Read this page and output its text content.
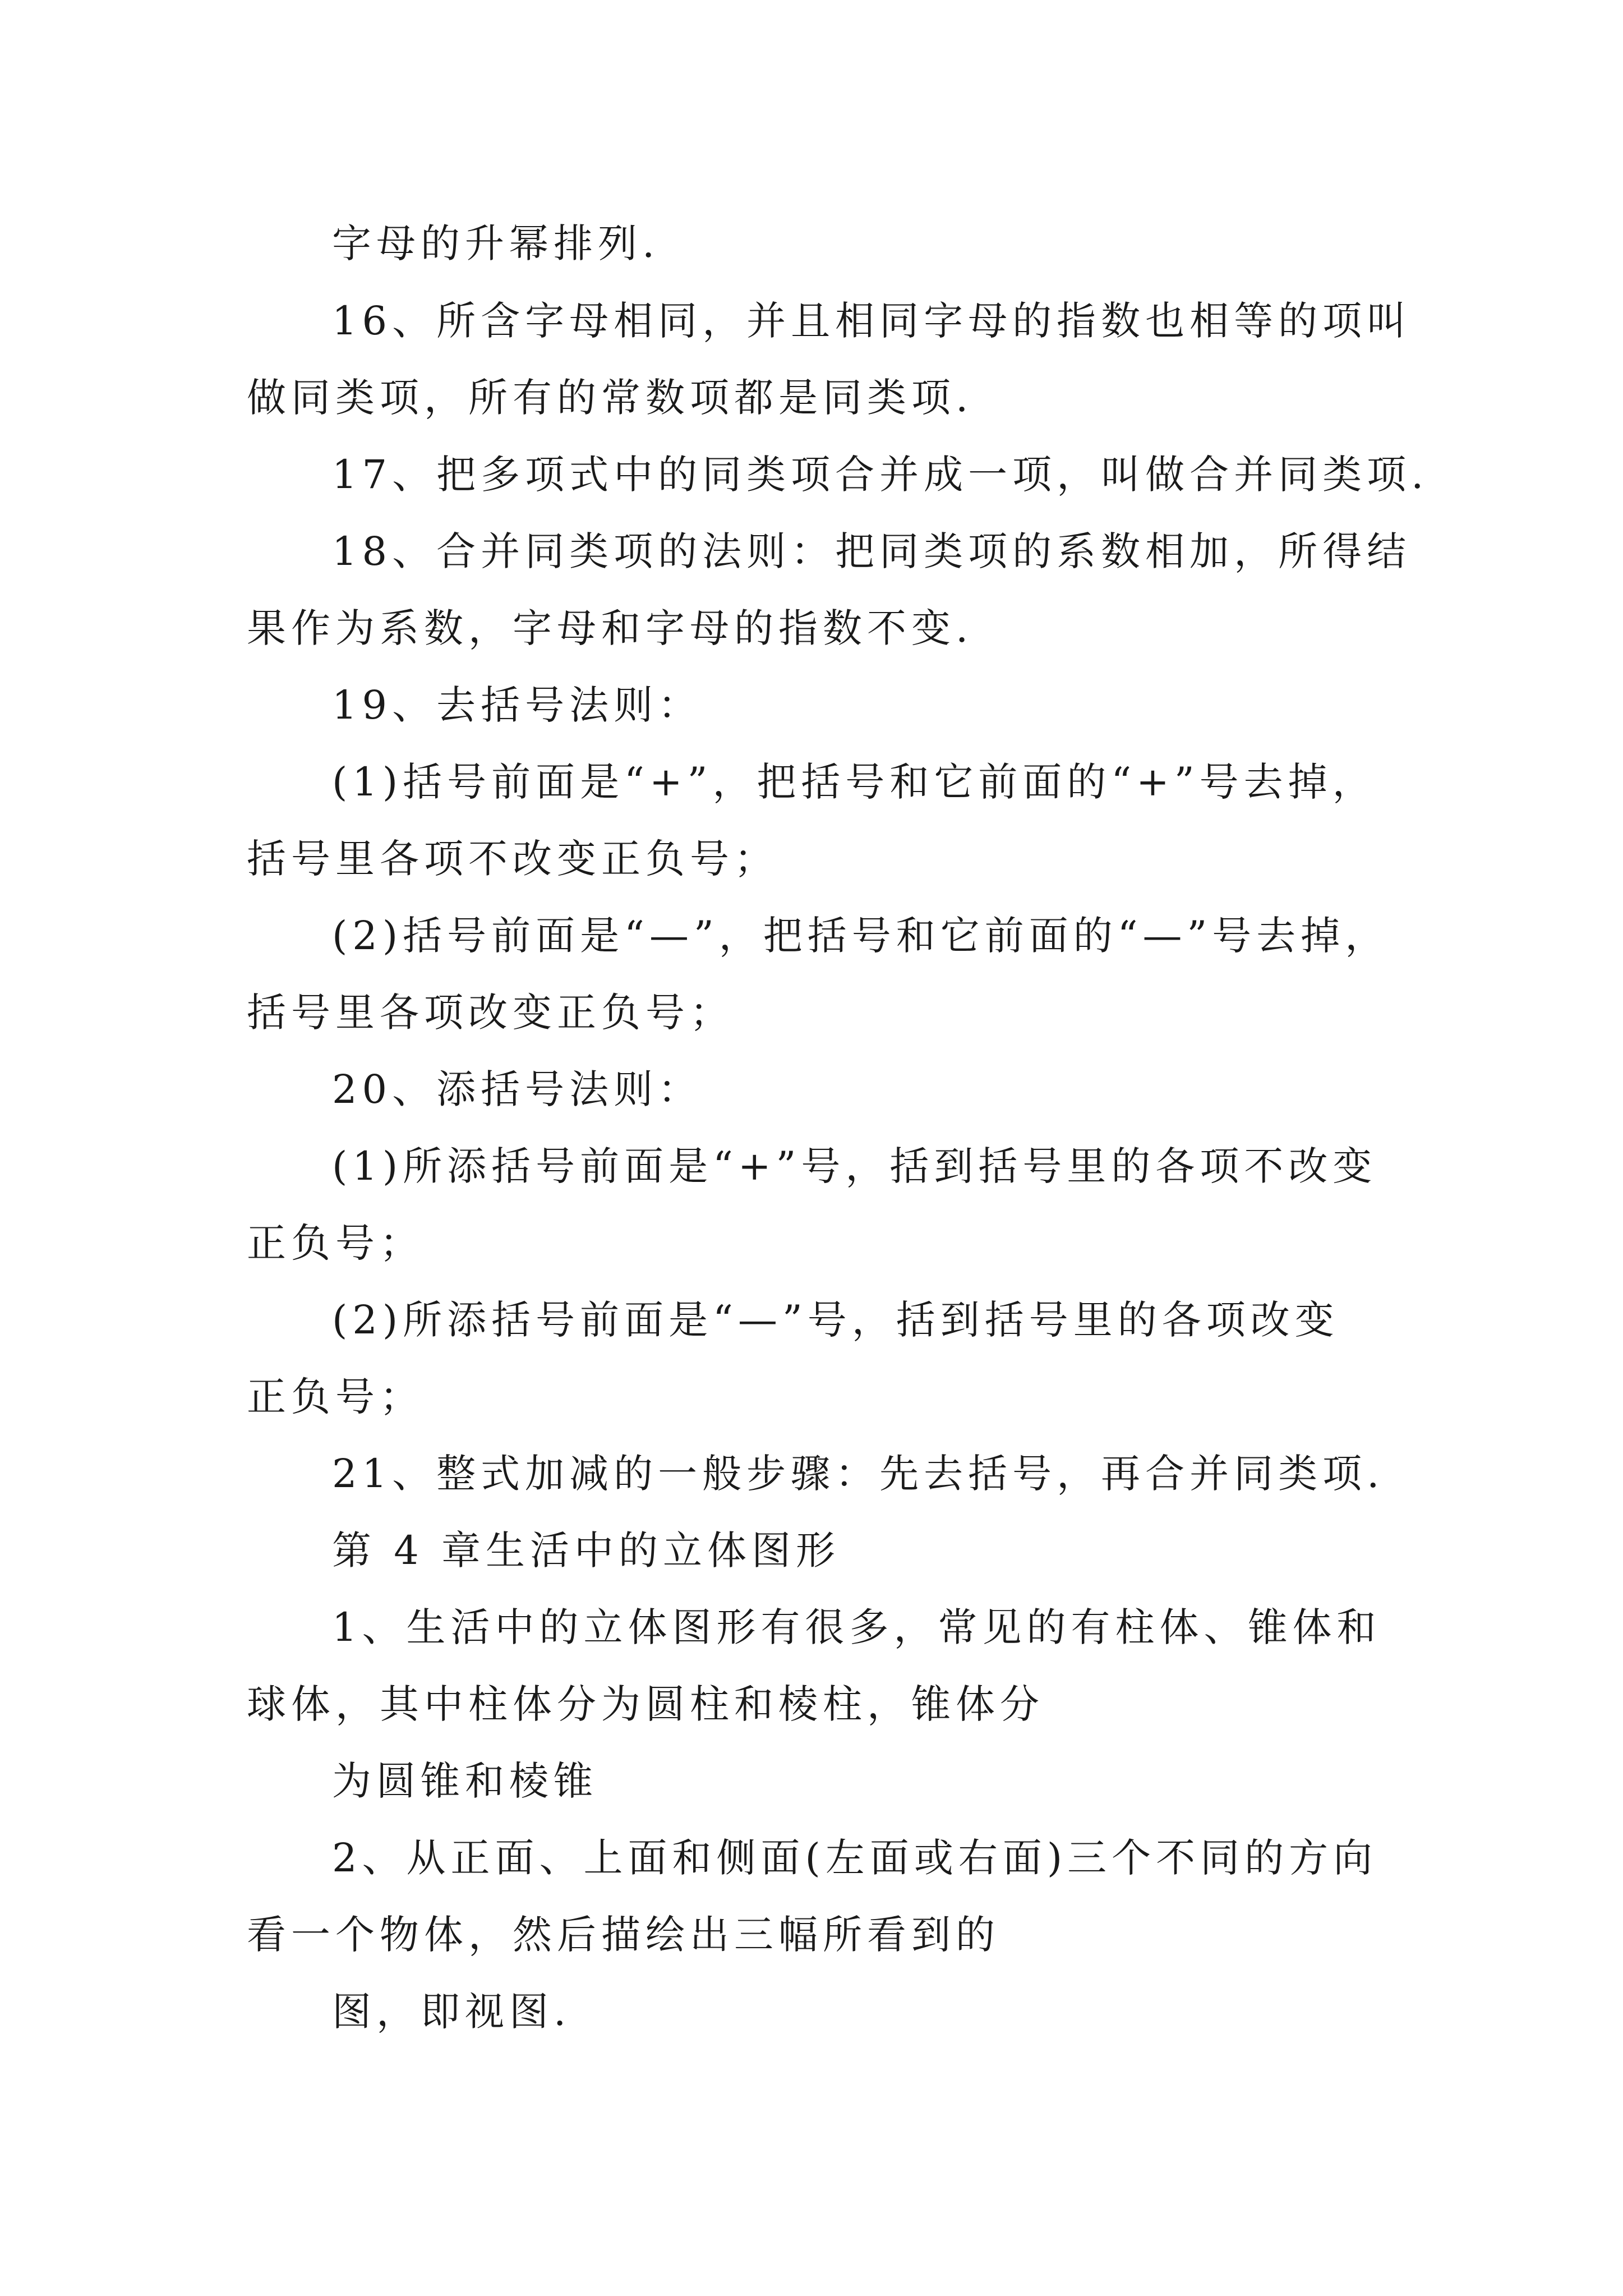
字母的升幂排列.
16、所含字母相同，并且相同字母的指数也相等的项叫
做同类项，所有的常数项都是同类项.
17、把多项式中的同类项合并成一项，叫做合并同类项.
18、合并同类项的法则：把同类项的系数相加，所得结
果作为系数，字母和字母的指数不变.
19、去括号法则：
(1)括号前面是“+”，把括号和它前面的“+”号去掉，
括号里各项不改变正负号；
(2)括号前面是“—”，把括号和它前面的“—”号去掉，
括号里各项改变正负号；
20、添括号法则：
(1)所添括号前面是“+”号，括到括号里的各项不改变
正负号；
(2)所添括号前面是“—”号，括到括号里的各项改变
正负号；
21、整式加减的一般步骤：先去括号，再合并同类项.
第 4 章生活中的立体图形
1、生活中的立体图形有很多，常见的有柱体、锥体和
球体，其中柱体分为圆柱和棱柱，锥体分
为圆锥和棱锥
2、从正面、上面和侧面(左面或右面)三个不同的方向
看一个物体，然后描绘出三幅所看到的
图，即视图.
